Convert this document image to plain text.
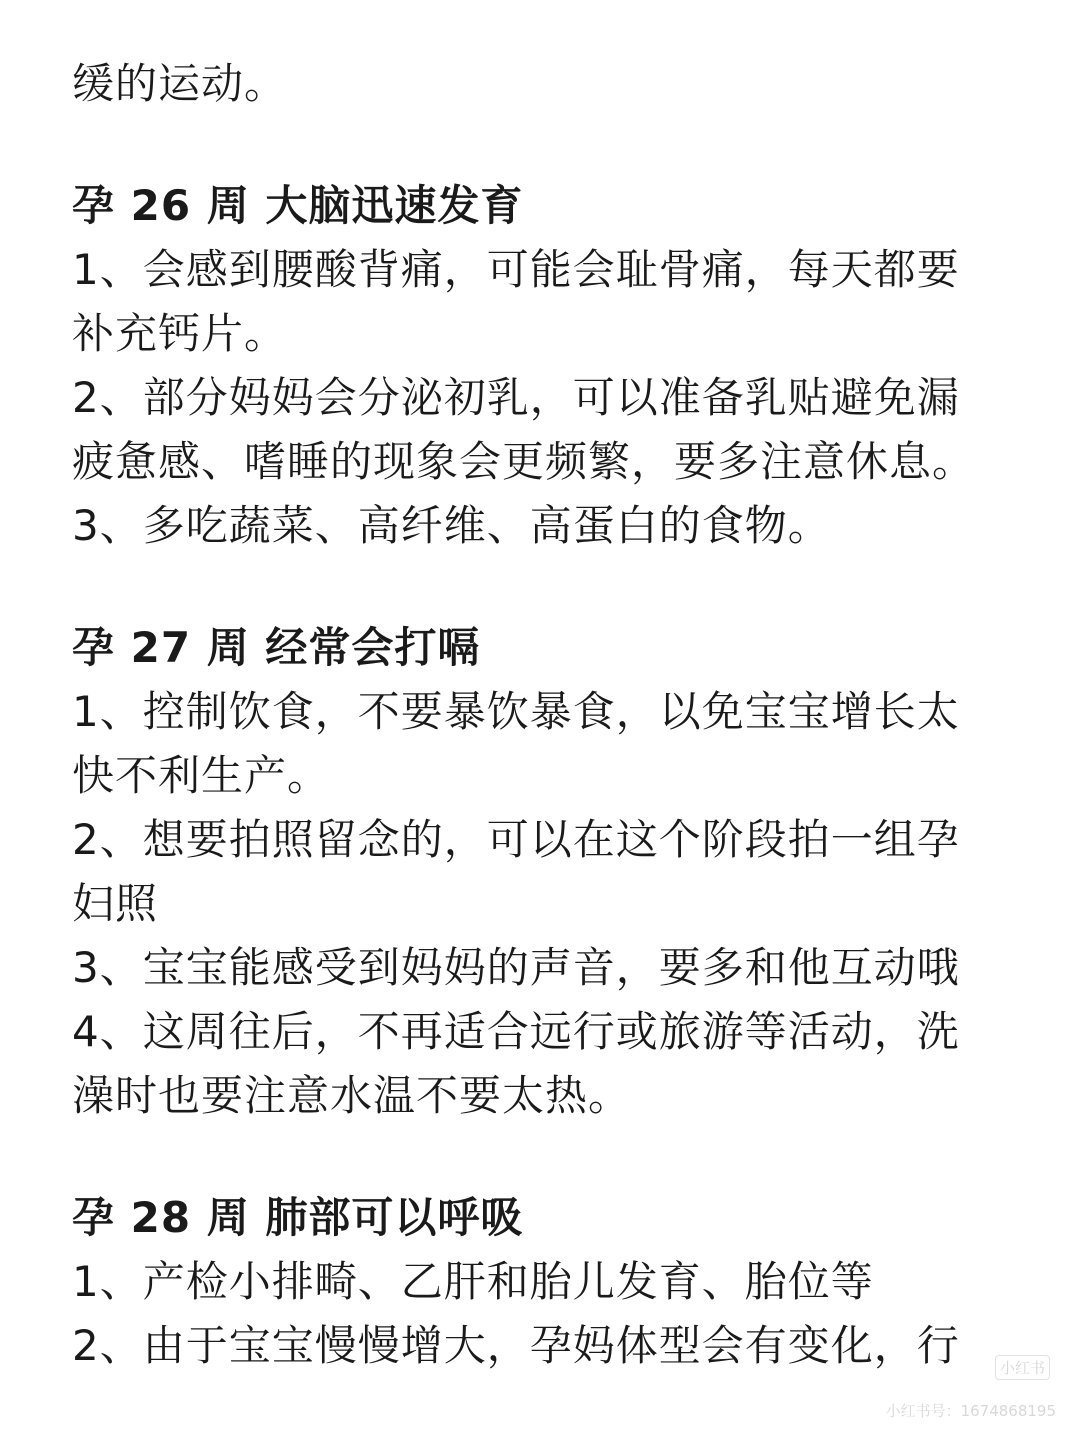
缓的运动。
孕 26 周 大脑迅速发育
1、会感到腰酸背痛，可能会耻骨痛，每天都要
补充钙片。
2、部分妈妈会分泌初乳，可以准备乳贴避免漏
疲惫感、嗜睡的现象会更频繁，要多注意休息。
3、多吃蔬菜、高纤维、高蛋白的食物。
孕 27 周 经常会打嗝
1、控制饮食，不要暴饮暴食，以免宝宝增长太
快不利生产。
2、想要拍照留念的，可以在这个阶段拍一组孕
妇照
3、宝宝能感受到妈妈的声音，要多和他互动哦
4、这周往后，不再适合远行或旅游等活动，洗
澡时也要注意水温不要太热。
孕 28 周 肺部可以呼吸
1、产检小排畸、乙肝和胎儿发育、胎位等
2、由于宝宝慢慢增大，孕妈体型会有变化，行	小红书
小红书号：1674868195
